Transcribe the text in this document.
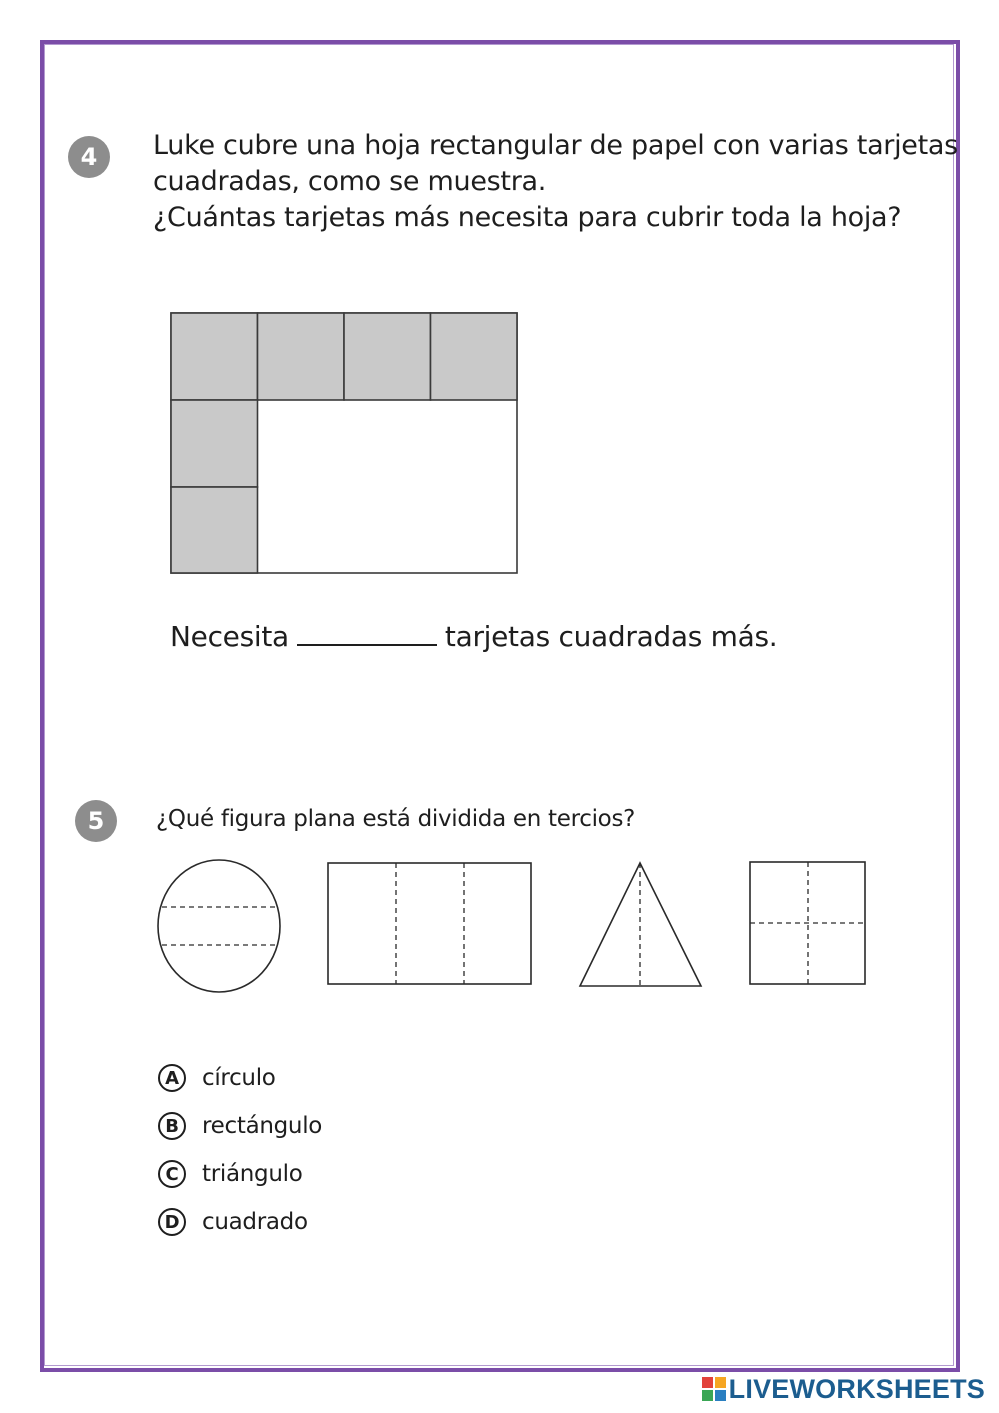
4	Luke cubre una hoja rectangular de papel con varias tarjetas
cuadradas, como se muestra.
¿Cuántas tarjetas más necesita para cubrir toda la hoja?
Necesita	tarjetas cuadradas más.
5	¿Qué figura plana está dividida en tercios?
A	círculo
B	rectángulo
C	triángulo
D cuadrado
LIVEWORKSHEETS
